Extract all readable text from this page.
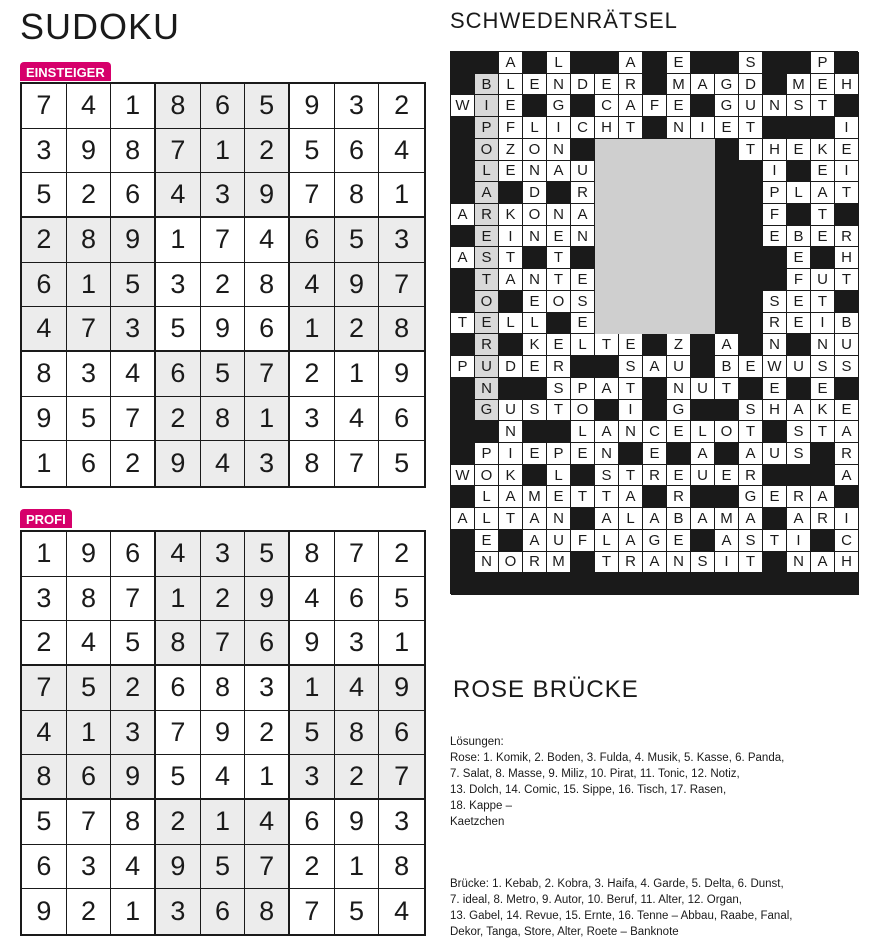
SUDOKU	SCHWEDENRÄTSEL
ROSE BRÜCKE
EINSTEIGER
7	4	1	8	6	5	9	3	2
3	9	8	7	1	2	5	6	4
5	2	6	4	3	9	7	8	1
2	8	9	1	7	4	6	5	3
6	1	5	3	2	8	4	9	7
4	7	3	5	9	6	1	2	8
8	3	4	6	5	7	2	1	9
9	5	7	2	8	1	3	4	6
1	6	2	9	4	3	8	7	5
PROFI
1	9	6	4	3	5	8	7	2
3	8	7	1	2	9	4	6	5
2	4	5	8	7	6	9	3	1
7	5	2	6	8	3	1	4	9
4	1	3	7	9	2	5	8	6
8	6	9	5	4	1	3	2	7
5	7	8	2	1	4	6	9	3
6	3	4	9	5	7	2	1	8
9	2	1	3	6	8	7	5	4
A	L	A	E	S	P
B L E N D E R	M A G D	M E H
W I	E	G	C A F E	G U N S T
P F	L	I	C H T	N	I	E T	I
O Z O N	T H E K E
L E N A U	I	E	I
A	D	R	P L A T
A R K O N A	F	T
E	I	N E N	E B E R
A S T	T	E	H
T A N T E	F U T
O	E O S	S E T
T E L	L	E	R E	I	B
R	K E L	T E	Z	A	N	N U
P U D E R	S A U	B E W U S S
N	S P A T	N U T	E	E
G U S T O	I	G	S H A K E
N	L A N C E L O T	S T A
P	I	E P E N	E	A	A U S	R
W O K	L	S T R E U E R	A
L A M E T T A	R	G E R A
A L	T A N	A L A B A M A	A R	I
E	A U F	L A G E	A S T	I	C
N O R M	T R A N S	I	T	N A H
Lösungen:
Rose: 1. Komik, 2. Boden, 3. Fulda, 4. Musik, 5. Kasse, 6. Panda,
7. Salat, 8. Masse, 9. Miliz, 10. Pirat, 11. Tonic, 12. Notiz,
13. Dolch, 14. Comic, 15. Sippe, 16. Tisch, 17. Rasen,
18. Kappe –
Kaetzchen
Brücke: 1. Kebab, 2. Kobra, 3. Haifa, 4. Garde, 5. Delta, 6. Dunst,
7. ideal, 8. Metro, 9. Autor, 10. Beruf, 11. Alter, 12. Organ,
13. Gabel, 14. Revue, 15. Ernte, 16. Tenne – Abbau, Raabe, Fanal,
Dekor, Tanga, Store, Alter, Roete – Banknote
